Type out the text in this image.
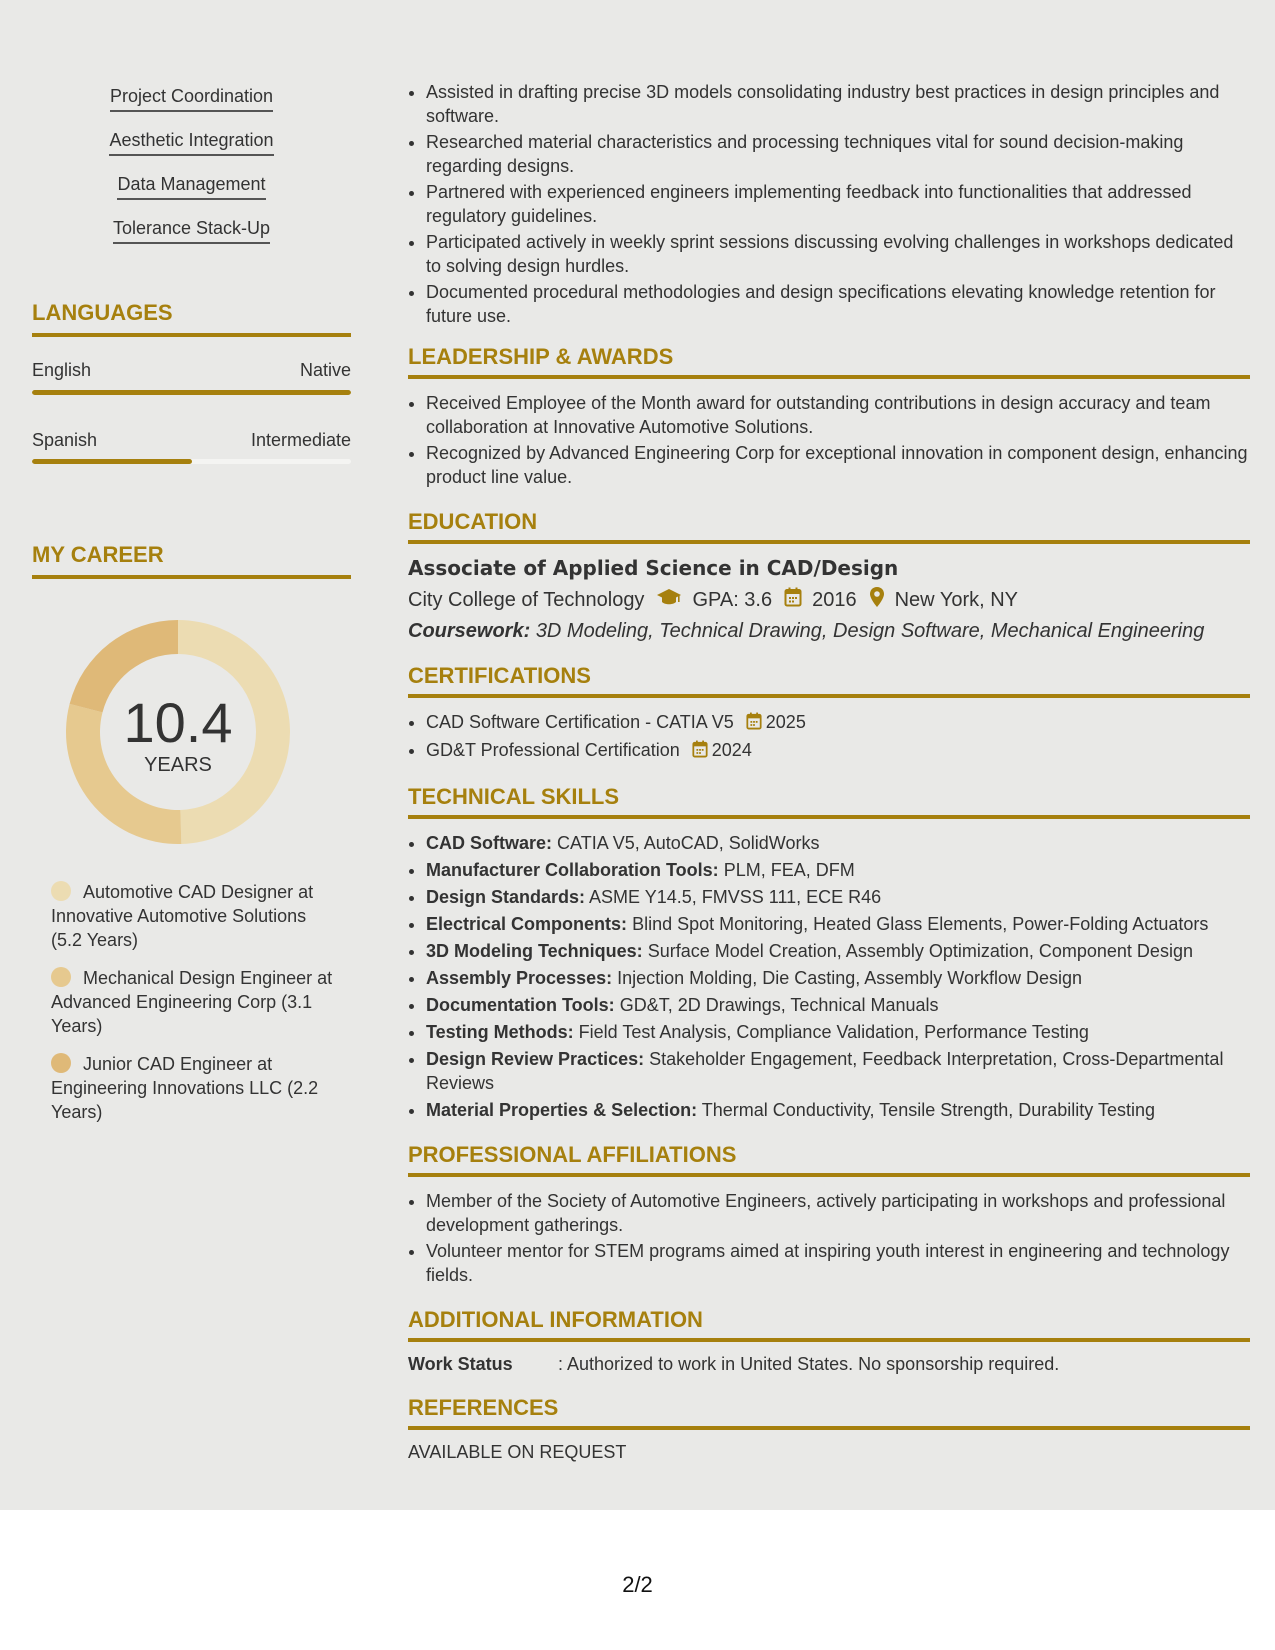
Project Coordination
Aesthetic Integration
Data Management
Tolerance Stack-Up
LANGUAGES
English	Native
Spanish	Intermediate
MY CAREER
10.4
YEARS
Automotive CAD Designer at Innovative Automotive Solutions (5.2 Years)
Mechanical Design Engineer at Advanced Engineering Corp (3.1 Years)
Junior CAD Engineer at Engineering Innovations LLC (2.2 Years)
• Assisted in drafting precise 3D models consolidating industry best practices in design principles and software.
• Researched material characteristics and processing techniques vital for sound decision-making regarding designs.
• Partnered with experienced engineers implementing feedback into functionalities that addressed regulatory guidelines.
• Participated actively in weekly sprint sessions discussing evolving challenges in workshops dedicated to solving design hurdles.
• Documented procedural methodologies and design specifications elevating knowledge retention for future use.
LEADERSHIP & AWARDS
• Received Employee of the Month award for outstanding contributions in design accuracy and team collaboration at Innovative Automotive Solutions.
• Recognized by Advanced Engineering Corp for exceptional innovation in component design, enhancing product line value.
EDUCATION
Associate of Applied Science in CAD/Design
City College of Technology GPA: 3.6 2016 New York, NY
Coursework: 3D Modeling, Technical Drawing, Design Software, Mechanical Engineering
CERTIFICATIONS
• CAD Software Certification - CATIA V5 2025
• GD&T Professional Certification 2024
TECHNICAL SKILLS
• CAD Software: CATIA V5, AutoCAD, SolidWorks
• Manufacturer Collaboration Tools: PLM, FEA, DFM
• Design Standards: ASME Y14.5, FMVSS 111, ECE R46
• Electrical Components: Blind Spot Monitoring, Heated Glass Elements, Power-Folding Actuators
• 3D Modeling Techniques: Surface Model Creation, Assembly Optimization, Component Design
• Assembly Processes: Injection Molding, Die Casting, Assembly Workflow Design
• Documentation Tools: GD&T, 2D Drawings, Technical Manuals
• Testing Methods: Field Test Analysis, Compliance Validation, Performance Testing
• Design Review Practices: Stakeholder Engagement, Feedback Interpretation, Cross-Departmental Reviews
• Material Properties & Selection: Thermal Conductivity, Tensile Strength, Durability Testing
PROFESSIONAL AFFILIATIONS
• Member of the Society of Automotive Engineers, actively participating in workshops and professional development gatherings.
• Volunteer mentor for STEM programs aimed at inspiring youth interest in engineering and technology fields.
ADDITIONAL INFORMATION
Work Status	: Authorized to work in United States. No sponsorship required.
REFERENCES
AVAILABLE ON REQUEST
2/2
